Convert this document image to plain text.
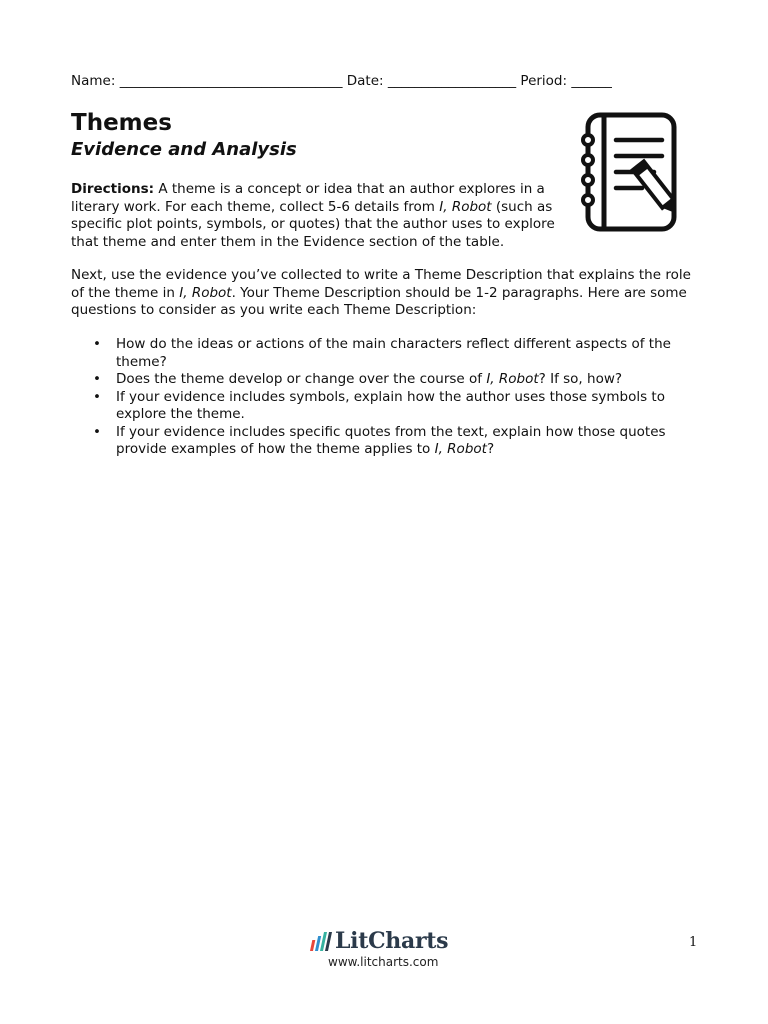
Name: _________________________________ Date: ___________________ Period: ______
Themes
Evidence and Analysis

Directions: A theme is a concept or idea that an author explores in a literary work. For each theme, collect 5-6 details from I, Robot (such as specific plot points, symbols, or quotes) that the author uses to explore that theme and enter them in the Evidence section of the table.

Next, use the evidence you’ve collected to write a Theme Description that explains the role of the theme in I, Robot. Your Theme Description should be 1-2 paragraphs. Here are some questions to consider as you write each Theme Description:

• How do the ideas or actions of the main characters reflect different aspects of the theme?
• Does the theme develop or change over the course of I, Robot? If so, how?
• If your evidence includes symbols, explain how the author uses those symbols to explore the theme.
• If your evidence includes specific quotes from the text, explain how those quotes provide examples of how the theme applies to I, Robot?
LitCharts
www.litcharts.com
1
